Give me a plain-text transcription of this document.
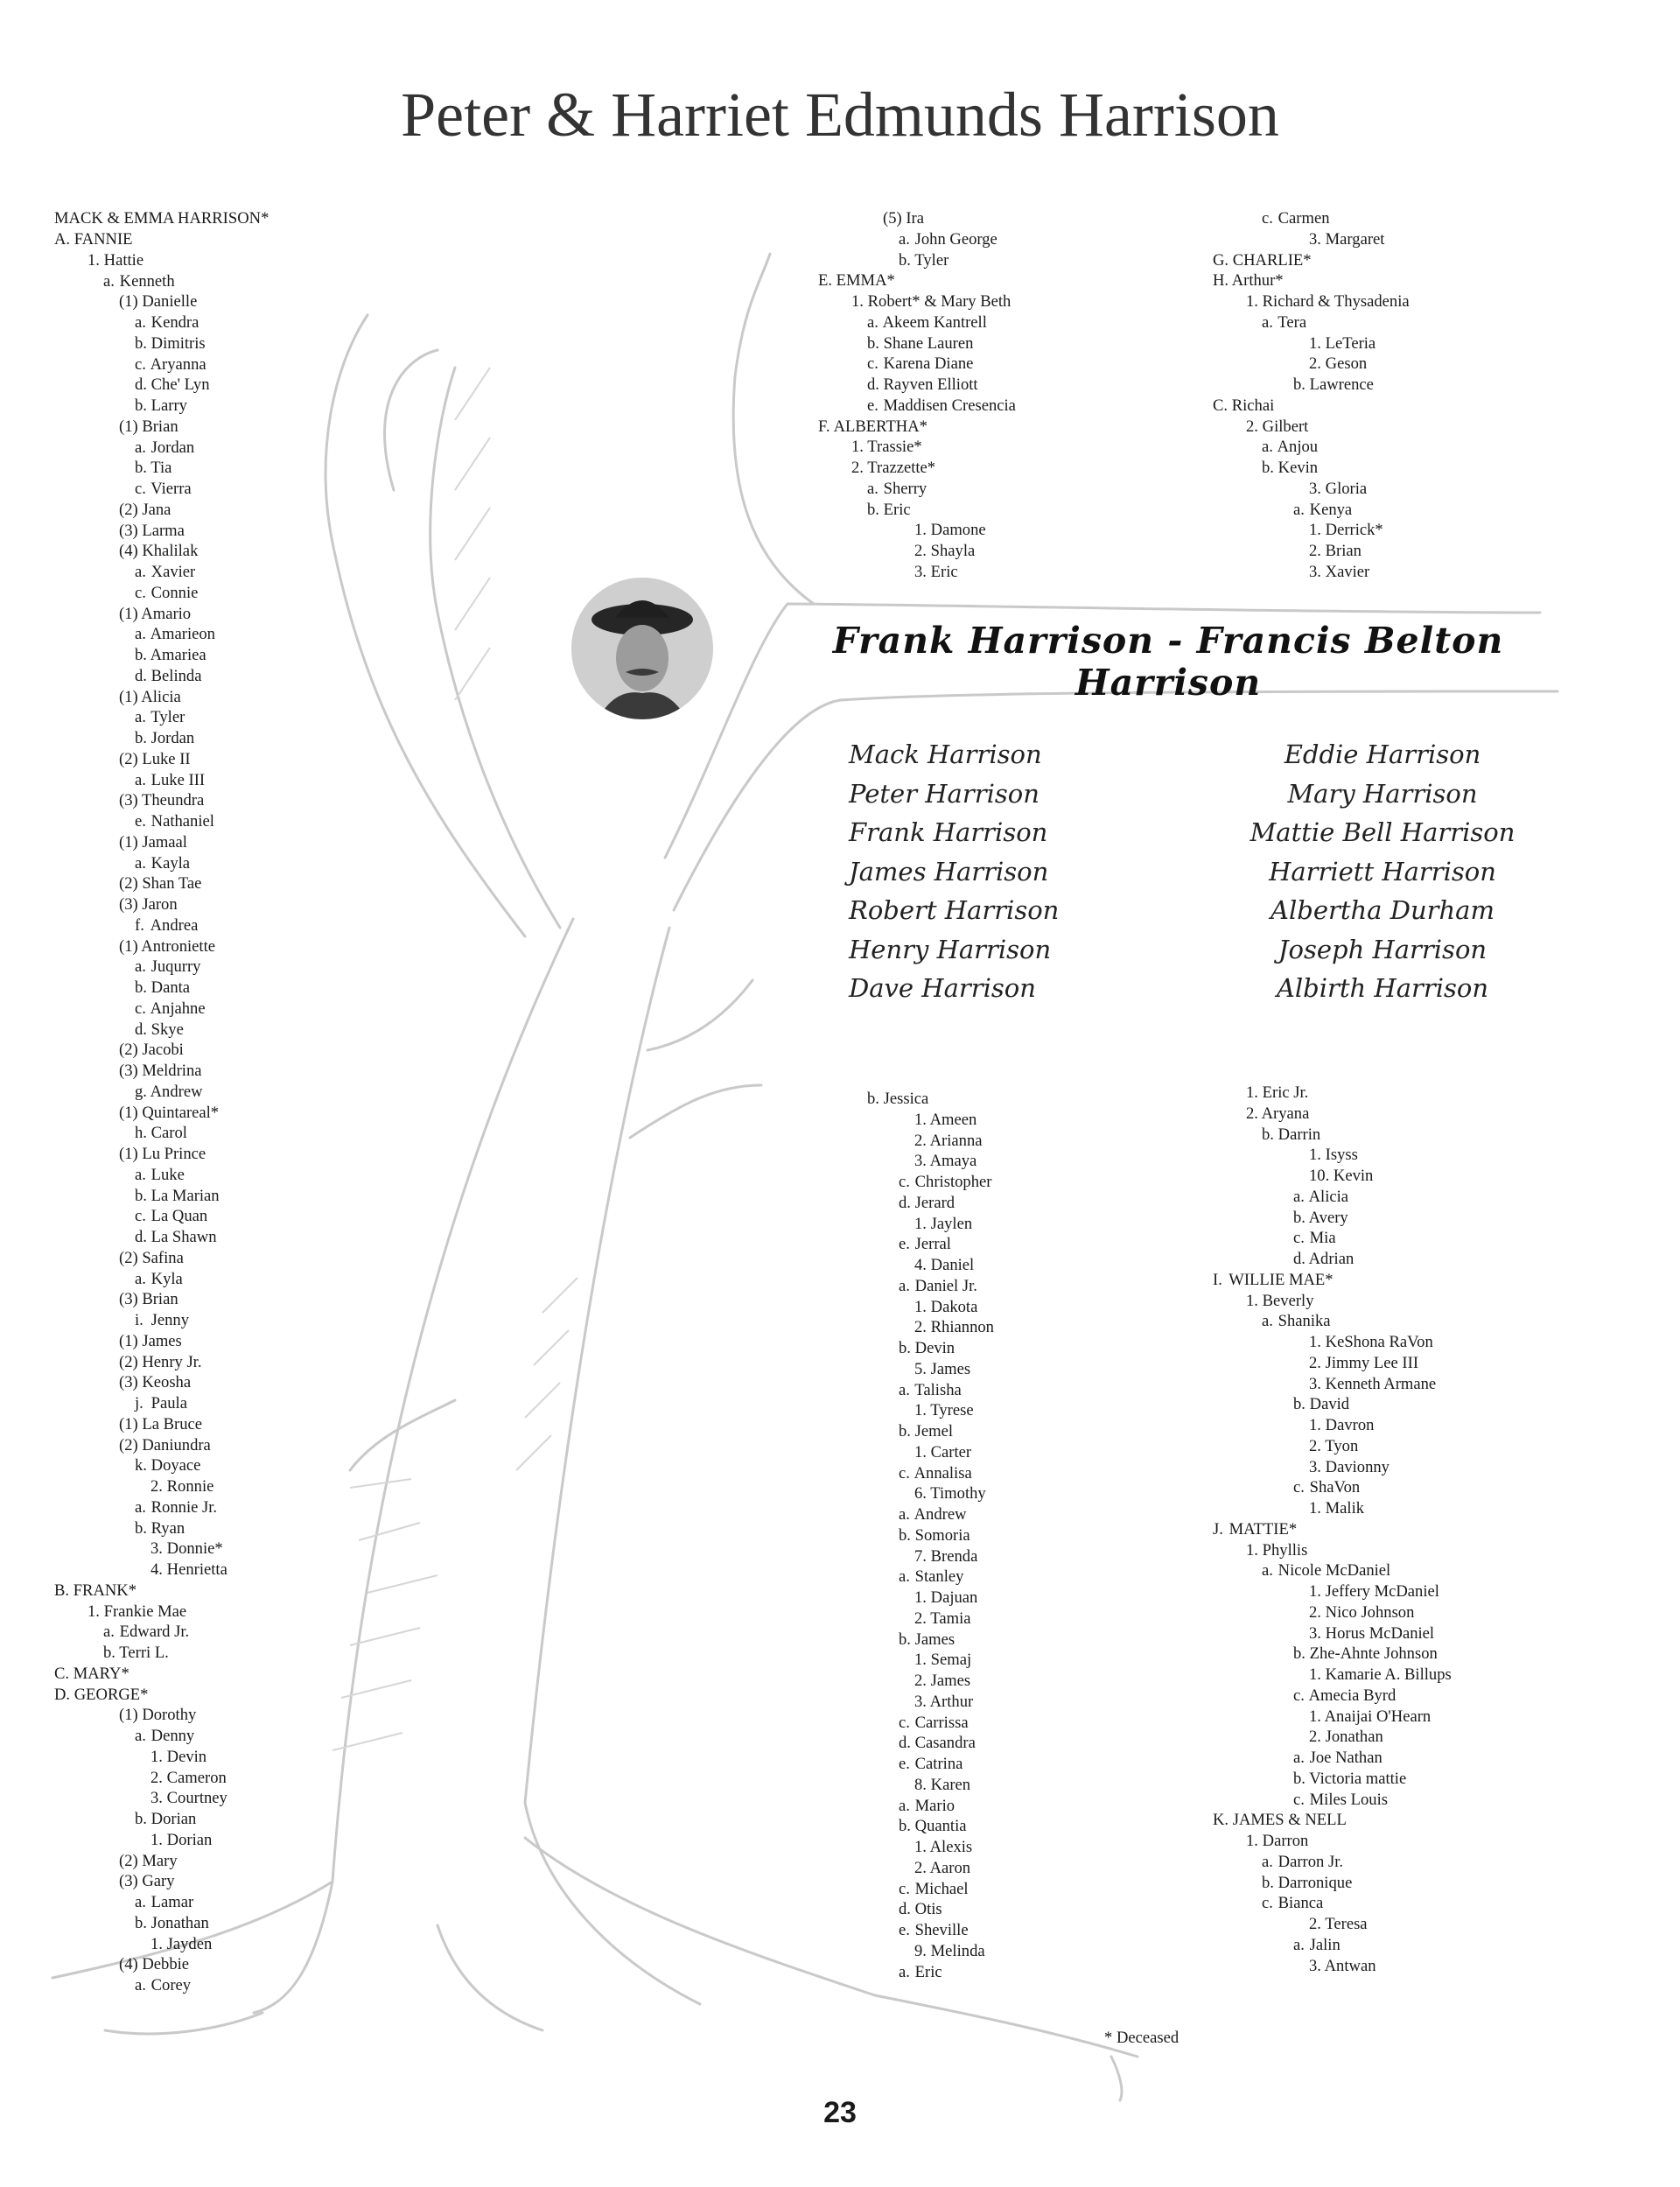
Peter & Harriet Edmunds Harrison
MACK & EMMA HARRISON*
A. FANNIE
1. Hattie
a. Kenneth
(1) Danielle
a. Kendra
b. Dimitris
c. Aryanna
d. Che' Lyn
b. Larry
(1) Brian
a. Jordan
b. Tia
c. Vierra
(2) Jana
(3) Larma
(4) Khalilak
a. Xavier
c. Connie
(1) Amario
a. Amarieon
b. Amariea
d. Belinda
(1) Alicia
a. Tyler
b. Jordan
(2) Luke II
a. Luke III
(3) Theundra
e. Nathaniel
(1) Jamaal
a. Kayla
(2) Shan Tae
(3) Jaron
f. Andrea
(1) Antroniette
a. Juqurry
b. Danta
c. Anjahne
d. Skye
(2) Jacobi
(3) Meldrina
g. Andrew
(1) Quintareal*
h. Carol
(1) Lu Prince
a. Luke
b. La Marian
c. La Quan
d. La Shawn
(2) Safina
a. Kyla
(3) Brian
i. Jenny
(1) James
(2) Henry Jr.
(3) Keosha
j. Paula
(1) La Bruce
(2) Daniundra
k. Doyace
2. Ronnie
a. Ronnie Jr.
b. Ryan
3. Donnie*
4. Henrietta
B. FRANK*
1. Frankie Mae
a. Edward Jr.
b. Terri L.
C. MARY*
D. GEORGE*
(1) Dorothy
a. Denny
1. Devin
2. Cameron
3. Courtney
b. Dorian
1. Dorian
(2) Mary
(3) Gary
a. Lamar
b. Jonathan
1. Jayden
(4) Debbie
a. Corey
(5) Ira
a. John George
b. Tyler
E. EMMA*
1. Robert* & Mary Beth
a. Akeem Kantrell
b. Shane Lauren
c. Karena Diane
d. Rayven Elliott
e. Maddisen Cresencia
F. ALBERTHA*
1. Trassie*
2. Trazzette*
a. Sherry
b. Eric
1. Damone
2. Shayla
3. Eric
c. Carmen
3. Margaret
G. CHARLIE*
H. Arthur*
1. Richard & Thysadenia
a. Tera
1. LeTeria
2. Geson
b. Lawrence
C. Richai
2. Gilbert
a. Anjou
b. Kevin
3. Gloria
a. Kenya
1. Derrick*
2. Brian
3. Xavier
b. Jessica
1. Ameen
2. Arianna
3. Amaya
c. Christopher
d. Jerard
1. Jaylen
e. Jerral
4. Daniel
a. Daniel Jr.
1. Dakota
2. Rhiannon
b. Devin
5. James
a. Talisha
1. Tyrese
b. Jemel
1. Carter
c. Annalisa
6. Timothy
a. Andrew
b. Somoria
7. Brenda
a. Stanley
1. Dajuan
2. Tamia
b. James
1. Semaj
2. James
3. Arthur
c. Carrissa
d. Casandra
e. Catrina
8. Karen
a. Mario
b. Quantia
1. Alexis
2. Aaron
c. Michael
d. Otis
e. Sheville
9. Melinda
a. Eric
1. Eric Jr.
2. Aryana
b. Darrin
1. Isyss
10. Kevin
a. Alicia
b. Avery
c. Mia
d. Adrian
I. WILLIE MAE*
1. Beverly
a. Shanika
1. KeShona RaVon
2. Jimmy Lee III
3. Kenneth Armane
b. David
1. Davron
2. Tyon
3. Davionny
c. ShaVon
1. Malik
J. MATTIE*
1. Phyllis
a. Nicole McDaniel
1. Jeffery McDaniel
2. Nico Johnson
3. Horus McDaniel
b. Zhe-Ahnte Johnson
1. Kamarie A. Billups
c. Amecia Byrd
1. Anaijai O'Hearn
2. Jonathan
a. Joe Nathan
b. Victoria mattie
c. Miles Louis
K. JAMES & NELL
1. Darron
a. Darron Jr.
b. Darronique
c. Bianca
2. Teresa
a. Jalin
3. Antwan
Frank Harrison - Francis Belton Harrison
Mack Harrison
Peter Harrison
Frank Harrison
James Harrison
Robert Harrison
Henry Harrison
Dave Harrison
Eddie Harrison
Mary Harrison
Mattie Bell Harrison
Harriett Harrison
Albertha Durham
Joseph Harrison
Albirth Harrison
* Deceased
23
